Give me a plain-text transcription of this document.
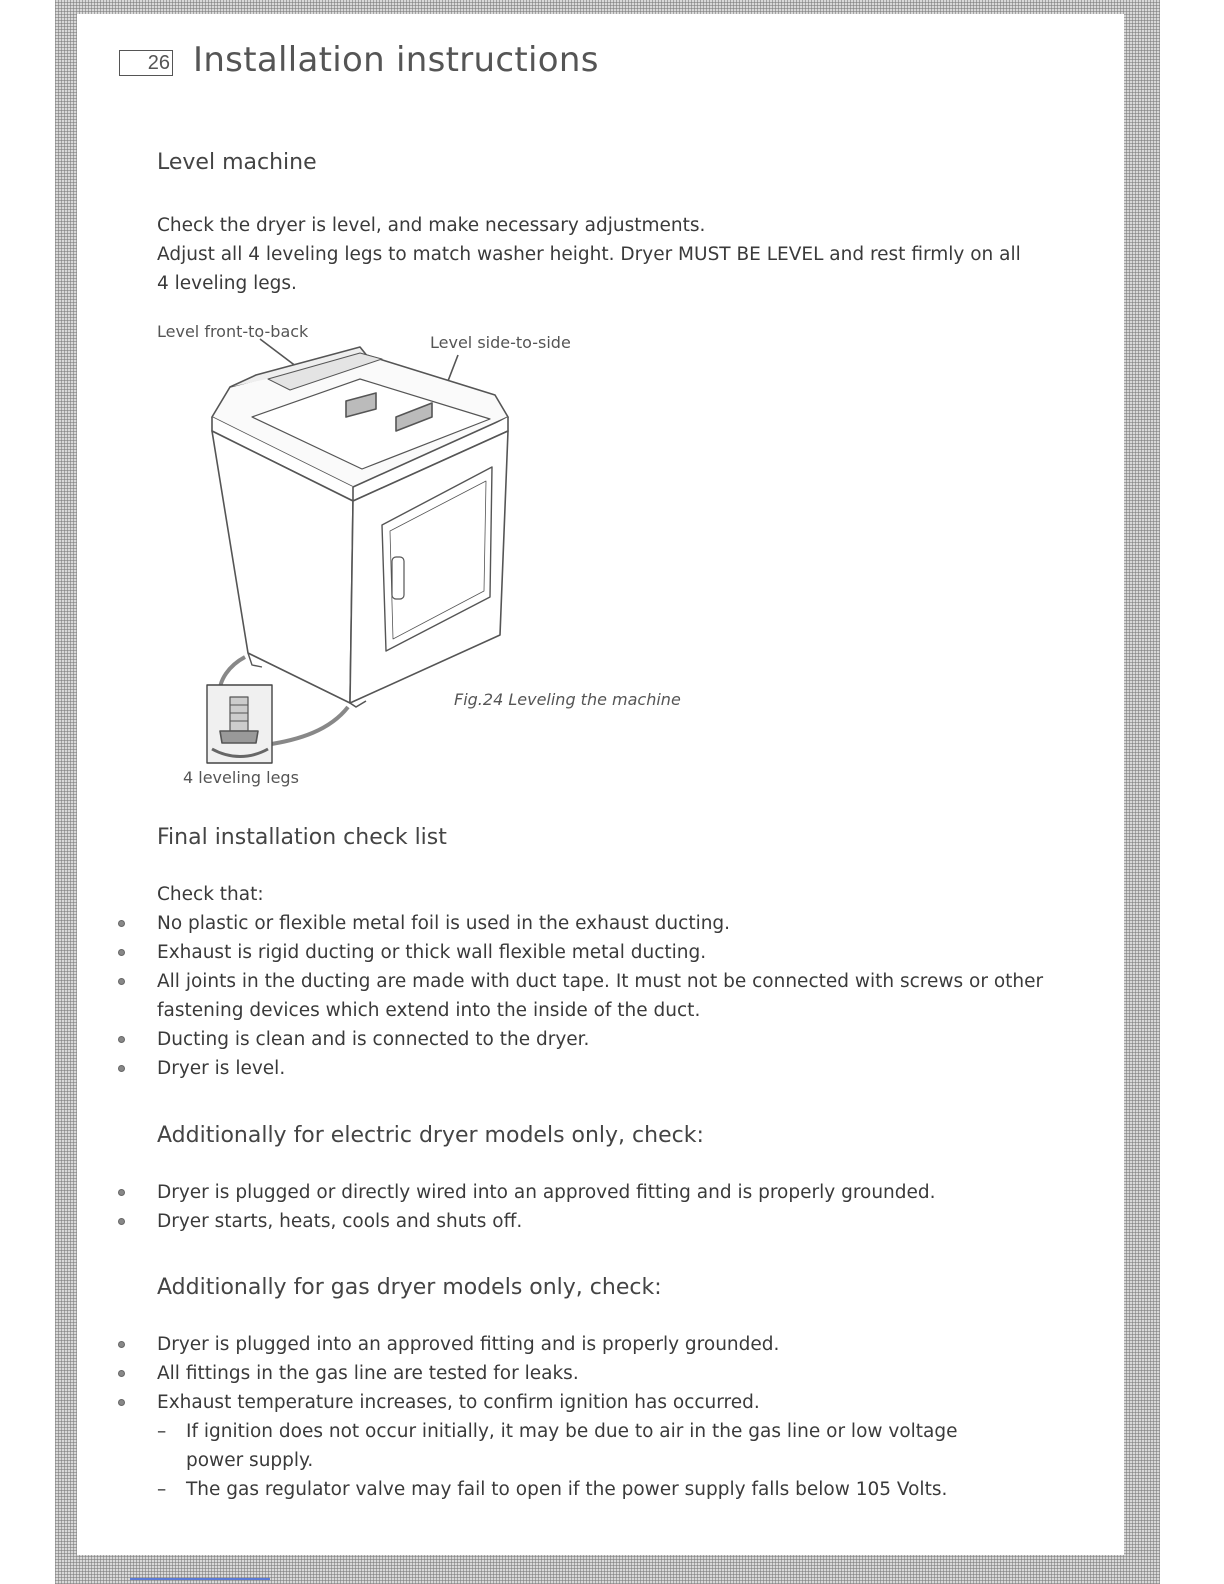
26 Installation instructions
Level machine
Check the dryer is level, and make necessary adjustments.
Adjust all 4 leveling legs to match washer height. Dryer MUST BE LEVEL and rest firmly on all
4 leveling legs.
Level front-to-back
Level side-to-side
Fig.24 Leveling the machine
4 leveling legs
Final installation check list
Check that:
No plastic or flexible metal foil is used in the exhaust ducting.
Exhaust is rigid ducting or thick wall flexible metal ducting.
All joints in the ducting are made with duct tape. It must not be connected with screws or other
fastening devices which extend into the inside of the duct.
Ducting is clean and is connected to the dryer.
Dryer is level.
Additionally for electric dryer models only, check:
Dryer is plugged or directly wired into an approved fitting and is properly grounded.
Dryer starts, heats, cools and shuts off.
Additionally for gas dryer models only, check:
Dryer is plugged into an approved fitting and is properly grounded.
All fittings in the gas line are tested for leaks.
Exhaust temperature increases, to confirm ignition has occurred.
– If ignition does not occur initially, it may be due to air in the gas line or low voltage
power supply.
– The gas regulator valve may fail to open if the power supply falls below 105 Volts.
